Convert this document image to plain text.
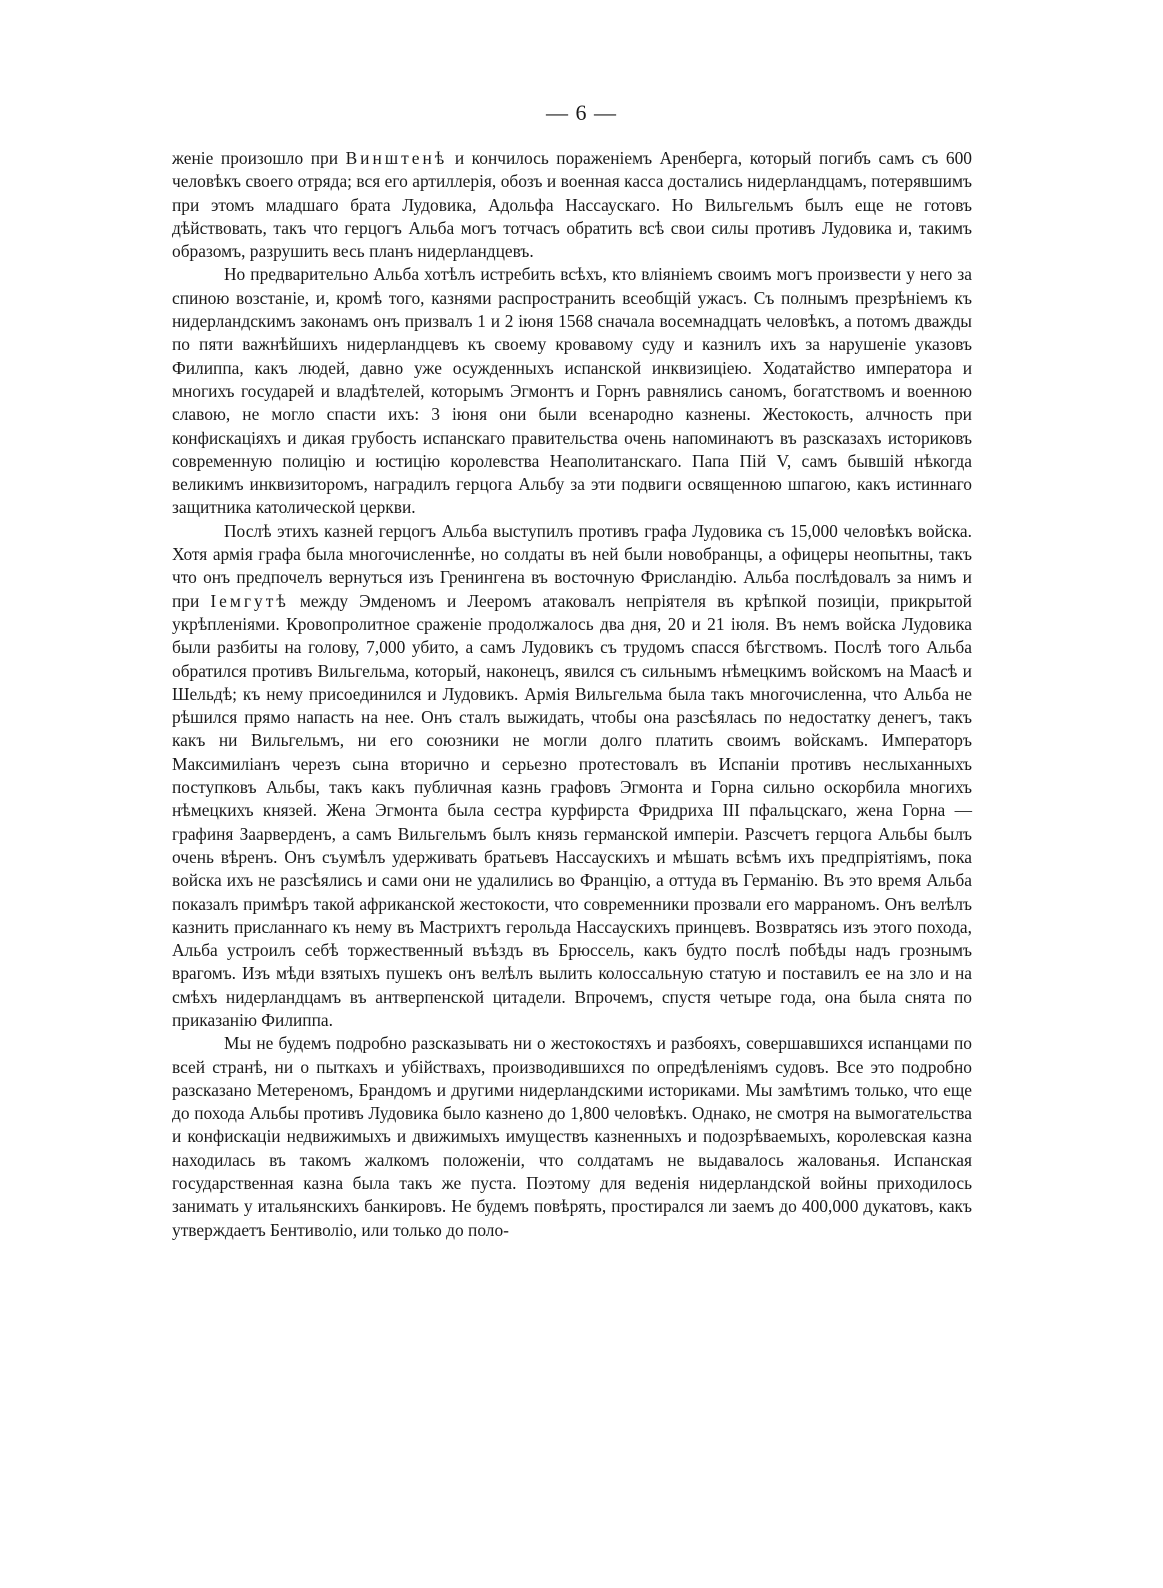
— 6 —

женіе произошло при Винштенѣ и кончилось пораженіемъ Аренберга, который погибъ самъ съ 600 человѣкъ своего отряда; вся его артиллерія, обозъ и военная касса достались нидерландцамъ, потерявшимъ при этомъ младшаго брата Лудовика, Адольфа Нассаускаго. Но Вильгельмъ былъ еще не готовъ дѣйствовать, такъ что герцогъ Альба могъ тотчасъ обратить всѣ свои силы противъ Лудовика и, такимъ образомъ, разрушить весь планъ нидерландцевъ.

Но предварительно Альба хотѣлъ истребить всѣхъ, кто вліяніемъ своимъ могъ произвести у него за спиною возстаніе, и, кромѣ того, казнями распространить всеобщій ужасъ. Съ полнымъ презрѣніемъ къ нидерландскимъ законамъ онъ призвалъ 1 и 2 іюня 1568 сначала восемнадцать человѣкъ, а потомъ дважды по пяти важнѣйшихъ нидерландцевъ къ своему кровавому суду и казнилъ ихъ за нарушеніе указовъ Филиппа, какъ людей, давно уже осужденныхъ испанской инквизиціею. Ходатайство императора и многихъ государей и владѣтелей, которымъ Эгмонтъ и Горнъ равнялись саномъ, богатствомъ и военною славою, не могло спасти ихъ: 3 іюня они были всенародно казнены. Жестокость, алчность при конфискаціяхъ и дикая грубость испанскаго правительства очень напоминаютъ въ разсказахъ историковъ современную полицію и юстицію королевства Неаполитанскаго. Папа Пій V, самъ бывшій нѣкогда великимъ инквизиторомъ, наградилъ герцога Альбу за эти подвиги освященною шпагою, какъ истиннаго защитника католической церкви.

Послѣ этихъ казней герцогъ Альба выступилъ противъ графа Лудовика съ 15,000 человѣкъ войска. Хотя армія графа была многочисленнѣе, но солдаты въ ней были новобранцы, а офицеры неопытны, такъ что онъ предпочелъ вернуться изъ Гренингена въ восточную Фрисландію. Альба послѣдовалъ за нимъ и при Іемгутѣ между Эмденомъ и Лееромъ атаковалъ непріятеля въ крѣпкой позиціи, прикрытой укрѣпленіями. Кровопролитное сраженіе продолжалось два дня, 20 и 21 іюля. Въ немъ войска Лудовика были разбиты на голову, 7,000 убито, а самъ Лудовикъ съ трудомъ спасся бѣгствомъ. Послѣ того Альба обратился противъ Вильгельма, который, наконецъ, явился съ сильнымъ нѣмецкимъ войскомъ на Маасѣ и Шельдѣ; къ нему присоединился и Лудовикъ. Армія Вильгельма была такъ многочисленна, что Альба не рѣшился прямо напасть на нее. Онъ сталъ выжидать, чтобы она разсѣялась по недостатку денегъ, такъ какъ ни Вильгельмъ, ни его союзники не могли долго платить своимъ войскамъ. Императоръ Максимиліанъ черезъ сына вторично и серьезно протестовалъ въ Испаніи противъ неслыханныхъ поступковъ Альбы, такъ какъ публичная казнь графовъ Эгмонта и Горна сильно оскорбила многихъ нѣмецкихъ князей. Жена Эгмонта была сестра курфирста Фридриха III пфальцскаго, жена Горна — графиня Заарверденъ, а самъ Вильгельмъ былъ князь германской имперіи. Разсчетъ герцога Альбы былъ очень вѣренъ. Онъ съумѣлъ удерживать братьевъ Нассаускихъ и мѣшать всѣмъ ихъ предпріятіямъ, пока войска ихъ не разсѣялись и сами они не удалились во Францію, а оттуда въ Германію. Въ это время Альба показалъ примѣръ такой африканской жестокости, что современники прозвали его марраномъ. Онъ велѣлъ казнить присланнаго къ нему въ Мастрихтъ герольда Нассаускихъ принцевъ. Возвратясь изъ этого похода, Альба устроилъ себѣ торжественный въѣздъ въ Брюссель, какъ будто послѣ побѣды надъ грознымъ врагомъ. Изъ мѣди взятыхъ пушекъ онъ велѣлъ вылить колоссальную статую и поставилъ ее на зло и на смѣхъ нидерландцамъ въ антверпенской цитадели. Впрочемъ, спустя четыре года, она была снята по приказанію Филиппа.

Мы не будемъ подробно разсказывать ни о жестокостяхъ и разбояхъ, совершавшихся испанцами по всей странѣ, ни о пыткахъ и убійствахъ, производившихся по опредѣленіямъ судовъ. Все это подробно разсказано Метереномъ, Брандомъ и другими нидерландскими историками. Мы замѣтимъ только, что еще до похода Альбы противъ Лудовика было казнено до 1,800 человѣкъ. Однако, не смотря на вымогательства и конфискаціи недвижимыхъ и движимыхъ имуществъ казненныхъ и подозрѣваемыхъ, королевская казна находилась въ такомъ жалкомъ положеніи, что солдатамъ не выдавалось жалованья. Испанская государственная казна была такъ же пуста. Поэтому для веденія нидерландской войны приходилось занимать у итальянскихъ банкировъ. Не будемъ повѣрять, простирался ли заемъ до 400,000 дукатовъ, какъ утверждаетъ Бентиволіо, или только до поло-
